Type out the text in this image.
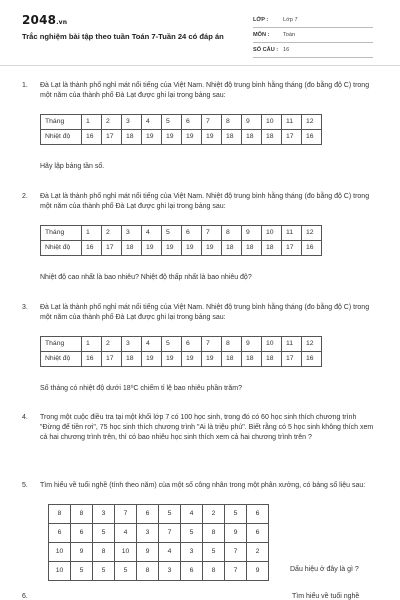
2048.vn
Trắc nghiệm bài tập theo tuần Toán 7-Tuần 24 có đáp án
LỚP :	Lớp 7
MÔN :	Toán
SỐ CÂU : 16
1. Đà Lạt là thành phố nghỉ mát nổi tiếng của Việt Nam. Nhiệt độ trung bình hằng tháng (đo bằng độ C) trong một năm của thành phố Đà Lạt được ghi lại trong bảng sau:
Tháng	1	2	3	4	5	6	7	8	9	10	11	12
Nhiệt độ	16	17	18	19	19	19	19	18	18	18	17	16
Hãy lập bảng tần số.
2. Đà Lạt là thành phố nghỉ mát nổi tiếng của Việt Nam. Nhiệt độ trung bình hằng tháng (đo bằng độ C) trong một năm của thành phố Đà Lạt được ghi lại trong bảng sau:
Tháng	1	2	3	4	5	6	7	8	9	10	11	12
Nhiệt độ	16	17	18	19	19	19	19	18	18	18	17	16
Nhiệt độ cao nhất là bao nhiêu? Nhiệt độ thấp nhất là bao nhiêu độ?
3. Đà Lạt là thành phố nghỉ mát nổi tiếng của Việt Nam. Nhiệt độ trung bình hằng tháng (đo bằng độ C) trong một năm của thành phố Đà Lạt được ghi lại trong bảng sau:
Tháng	1	2	3	4	5	6	7	8	9	10	11	12
Nhiệt độ	16	17	18	19	19	19	19	18	18	18	17	16
Số tháng có nhiệt độ dưới 18⁰C chiếm tỉ lệ bao nhiêu phần trăm?
4. Trong một cuộc điều tra tại một khối lớp 7 có 100 học sinh, trong đó có 60 học sinh thích chương trình "Đừng để tiền rơi", 75 học sinh thích chương trình "Ai là triệu phú". Biết rằng có 5 học sinh không thích xem cả hai chương trình trên, thì có bao nhiêu học sinh thích xem cả hai chương trình trên ?
5. Tìm hiểu về tuổi nghề (tính theo năm) của một số công nhân trong một phân xưởng, có bảng số liệu sau:
8	8	3	7	6	5	4	2	5	6
6	6	5	4	3	7	5	8	9	6
10	9	8	10	9	4	3	5	7	2
10	5	5	5	8	3	6	8	7	9	Dấu hiệu ở đây là gì ?
6.	Tìm hiểu về tuổi nghề
